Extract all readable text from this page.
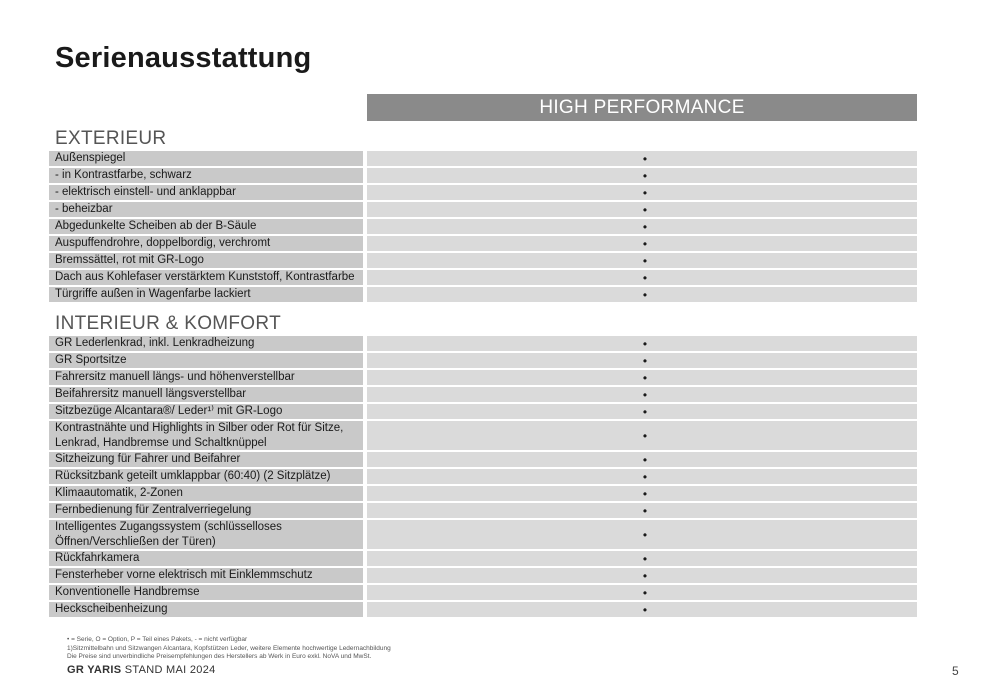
Serienausstattung
HIGH PERFORMANCE
EXTERIEUR
Außenspiegel	•
- in Kontrastfarbe, schwarz	•
- elektrisch einstell- und anklappbar	•
- beheizbar	•
Abgedunkelte Scheiben ab der B-Säule	•
Auspuffendrohre, doppelbordig, verchromt	•
Bremssättel, rot mit GR-Logo	•
Dach aus Kohlefaser verstärktem Kunststoff, Kontrastfarbe	•
Türgriffe außen in Wagenfarbe lackiert	•
INTERIEUR & KOMFORT
GR Lederlenkrad, inkl. Lenkradheizung	•
GR Sportsitze	•
Fahrersitz manuell längs- und höhenverstellbar	•
Beifahrersitz manuell längsverstellbar	•
Sitzbezüge Alcantara®/ Leder¹⁾ mit GR-Logo	•
Kontrastnähte und Highlights in Silber oder Rot für Sitze, Lenkrad, Handbremse und Schaltknüppel	•
Sitzheizung für Fahrer und Beifahrer	•
Rücksitzbank geteilt umklappbar (60:40) (2 Sitzplätze)	•
Klimaautomatik, 2-Zonen	•
Fernbedienung für Zentralverriegelung	•
Intelligentes Zugangssystem (schlüsselloses Öffnen/Verschließen der Türen)	•
Rückfahrkamera	•
Fensterheber vorne elektrisch mit Einklemmschutz	•
Konventionelle Handbremse	•
Heckscheibenheizung	•
• = Serie, O = Option, P = Teil eines Pakets, - = nicht verfügbar
1)Sitzmittelbahn und Sitzwangen Alcantara, Kopfstützen Leder, weitere Elemente hochwertige Ledernachbildung
Die Preise sind unverbindliche Preisempfehlungen des Herstellers ab Werk in Euro exkl. NoVA und MwSt.
GR YARIS STAND MAI 2024	5
